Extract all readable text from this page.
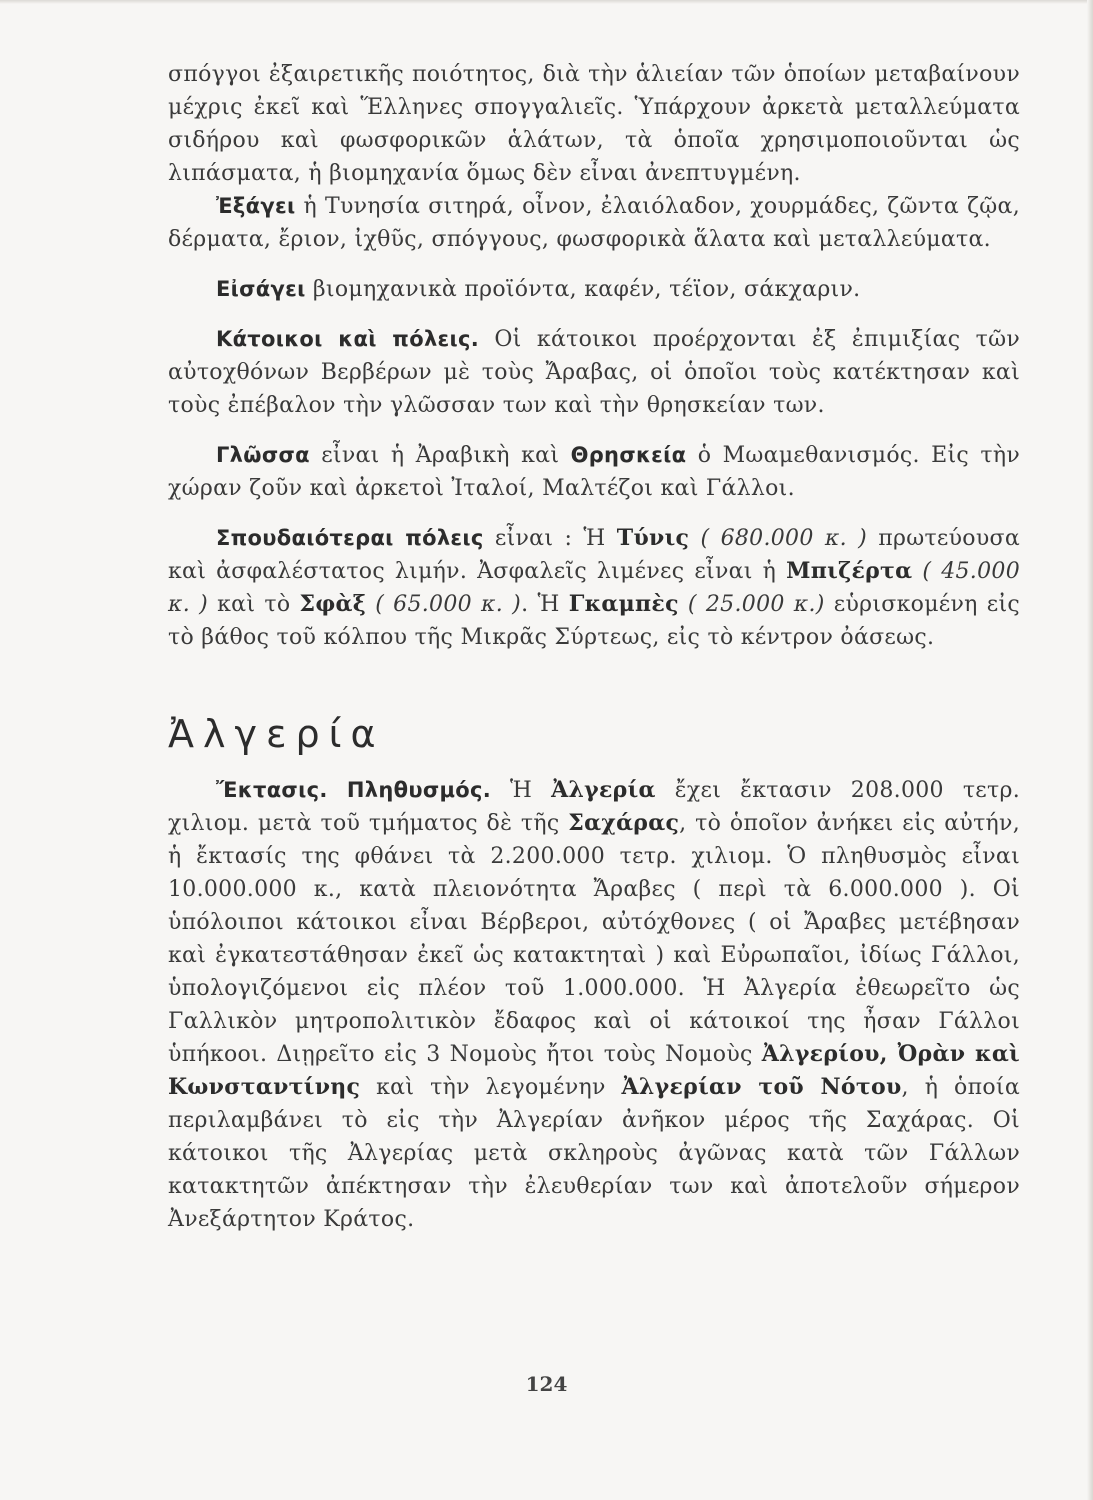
σπόγγοι ἐξαιρετικῆς ποιότητος, διὰ τὴν ἁλιείαν τῶν ὁποίων μεταβαίνουν μέχρις ἐκεῖ καὶ Ἕλληνες σπογγαλιεῖς. Ὑπάρχουν ἀρκετὰ μεταλλεύματα σιδήρου καὶ φωσφορικῶν ἁλάτων, τὰ ὁποῖα χρησιμοποιοῦνται ὡς λιπάσματα, ἡ βιομηχανία ὅμως δὲν εἶναι ἀνεπτυγμένη.

Ἐξάγει ἡ Τυνησία σιτηρά, οἶνον, ἐλαιόλαδον, χουρμάδες, ζῶντα ζῷα, δέρματα, ἔριον, ἰχθῦς, σπόγγους, φωσφορικὰ ἅλατα καὶ μεταλλεύματα.

Εἰσάγει βιομηχανικὰ προϊόντα, καφέν, τέϊον, σάκχαριν.

Κάτοικοι καὶ πόλεις. Οἱ κάτοικοι προέρχονται ἐξ ἐπιμιξίας τῶν αὐτοχθόνων Βερβέρων μὲ τοὺς Ἄραβας, οἱ ὁποῖοι τοὺς κατέκτησαν καὶ τοὺς ἐπέβαλον τὴν γλῶσσαν των καὶ τὴν θρησκείαν των.

Γλῶσσα εἶναι ἡ Ἀραβικὴ καὶ Θρησκεία ὁ Μωαμεθανισμός. Εἰς τὴν χώραν ζοῦν καὶ ἀρκετοὶ Ἰταλοί, Μαλτέζοι καὶ Γάλλοι.

Σπουδαιότεραι πόλεις εἶναι : Ἡ Τύνις ( 680.000 κ. ) πρωτεύουσα καὶ ἀσφαλέστατος λιμήν. Ἀσφαλεῖς λιμένες εἶναι ἡ Μπιζέρτα ( 45.000 κ. ) καὶ τὸ Σφὰξ ( 65.000 κ. ). Ἡ Γκαμπὲς ( 25.000 κ.) εὑρισκομένη εἰς τὸ βάθος τοῦ κόλπου τῆς Μικρᾶς Σύρτεως, εἰς τὸ κέντρον ὀάσεως.

Ἀλγερία

Ἔκτασις. Πληθυσμός. Ἡ Ἀλγερία ἔχει ἔκτασιν 208.000 τετρ. χιλιομ. μετὰ τοῦ τμήματος δὲ τῆς Σαχάρας, τὸ ὁποῖον ἀνήκει εἰς αὐτήν, ἡ ἔκτασίς της φθάνει τὰ 2.200.000 τετρ. χιλιομ. Ὁ πληθυσμὸς εἶναι 10.000.000 κ., κατὰ πλειονότητα Ἄραβες ( περὶ τὰ 6.000.000 ). Οἱ ὑπόλοιποι κάτοικοι εἶναι Βέρβεροι, αὐτόχθονες ( οἱ Ἄραβες μετέβησαν καὶ ἐγκατεστάθησαν ἐκεῖ ὡς κατακτηταὶ ) καὶ Εὐρωπαῖοι, ἰδίως Γάλλοι, ὑπολογιζόμενοι εἰς πλέον τοῦ 1.000.000. Ἡ Ἀλγερία ἐθεωρεῖτο ὡς Γαλλικὸν μητροπολιτικὸν ἔδαφος καὶ οἱ κάτοικοί της ἦσαν Γάλλοι ὑπήκοοι. Διῃρεῖτο εἰς 3 Νομοὺς ἤτοι τοὺς Νομοὺς Ἀλγερίου, Ὀρὰν καὶ Κωνσταντίνης καὶ τὴν λεγομένην Ἀλγερίαν τοῦ Νότου, ἡ ὁποία περιλαμβάνει τὸ εἰς τὴν Ἀλγερίαν ἀνῆκον μέρος τῆς Σαχάρας. Οἱ κάτοικοι τῆς Ἀλγερίας μετὰ σκληροὺς ἀγῶνας κατὰ τῶν Γάλλων κατακτητῶν ἀπέκτησαν τὴν ἐλευθερίαν των καὶ ἀποτελοῦν σήμερον Ἀνεξάρτητον Κράτος.

124
